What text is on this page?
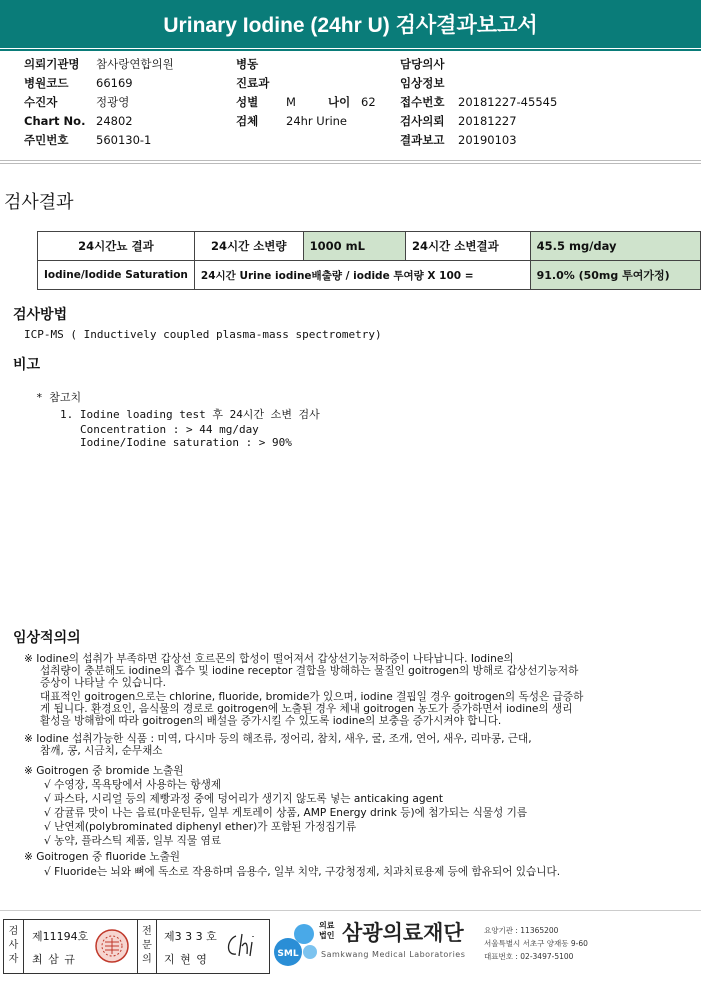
Urinary Iodine (24hr U) 검사결과보고서
의뢰기관명 참사랑연합의원
병원코드 66169
수진자	정광영
Chart No. 24802
주민번호 560130-1
병동
진료과
성별 M	나이 62
검체 24hr Urine
담당의사
임상정보
접수번호 20181227-45545
검사의뢰 20181227
결과보고 20190103
검사결과
24시간뇨 결과	24시간 소변량	1000 mL	24시간 소변결과	45.5 mg/day
Iodine/Iodide Saturation	24시간 Urine iodine배출량 / iodide 투여량 X 100 =			91.0% (50mg 투여가정)
검사방법
ICP-MS ( Inductively coupled plasma-mass spectrometry)
비고
* 참고치
1. Iodine loading test 후 24시간 소변 검사
Concentration : > 44 mg/day
Iodine/Iodine saturation : > 90%
임상적의의
※ Iodine의 섭취가 부족하면 갑상선 호르몬의 합성이 떨어져서 갑상선기능저하증이 나타납니다. Iodine의
섭취량이 충분해도 iodine의 흡수 및 iodine receptor 결합을 방해하는 물질인 goitrogen의 방해로 갑상선기능저하
증상이 나타날 수 있습니다.
대표적인 goitrogen으로는 chlorine, fluoride, bromide가 있으며, iodine 결핍일 경우 goitrogen의 독성은 급증하
게 됩니다. 환경요인, 음식물의 경로로 goitrogen에 노출된 경우 체내 goitrogen 농도가 증가하면서 iodine의 생리
활성을 방해함에 따라 goitrogen의 배설을 증가시킬 수 있도록 iodine의 보충을 증가시켜야 합니다.
※ Iodine 섭취가능한 식품 : 미역, 다시마 등의 해조류, 정어리, 참치, 새우, 굴, 조개, 연어, 새우, 리마콩, 근대,
참깨, 콩, 시금치, 순무채소
※ Goitrogen 중 bromide 노출원
√ 수영장, 목욕탕에서 사용하는 항생제
√ 파스타, 시리얼 등의 제빵과정 중에 덩어리가 생기지 않도록 넣는 anticaking agent
√ 감귤류 맛이 나는 음료(마운틴듀, 일부 게토레이 상품, AMP Energy drink 등)에 첨가되는 식물성 기름
√ 난연제(polybrominated diphenyl ether)가 포함된 가정집기류
√ 농약, 플라스틱 제품, 일부 직물 염료
※ Goitrogen 중 fluoride 노출원
√ Fluoride는 뇌와 뼈에 독소로 작용하며 음용수, 일부 치약, 구강청정제, 치과치료용제 등에 함유되어 있습니다.
검
사
자
제11194호
최 삼 규
전
문
의
제3 3 3 호
지 현 영	SML
의료
법인 삼광의료재단
Samkwang Medical Laboratories
요양기관 : 11365200
서울특별시 서초구 양재동 9-60
대표번호 : 02-3497-5100
